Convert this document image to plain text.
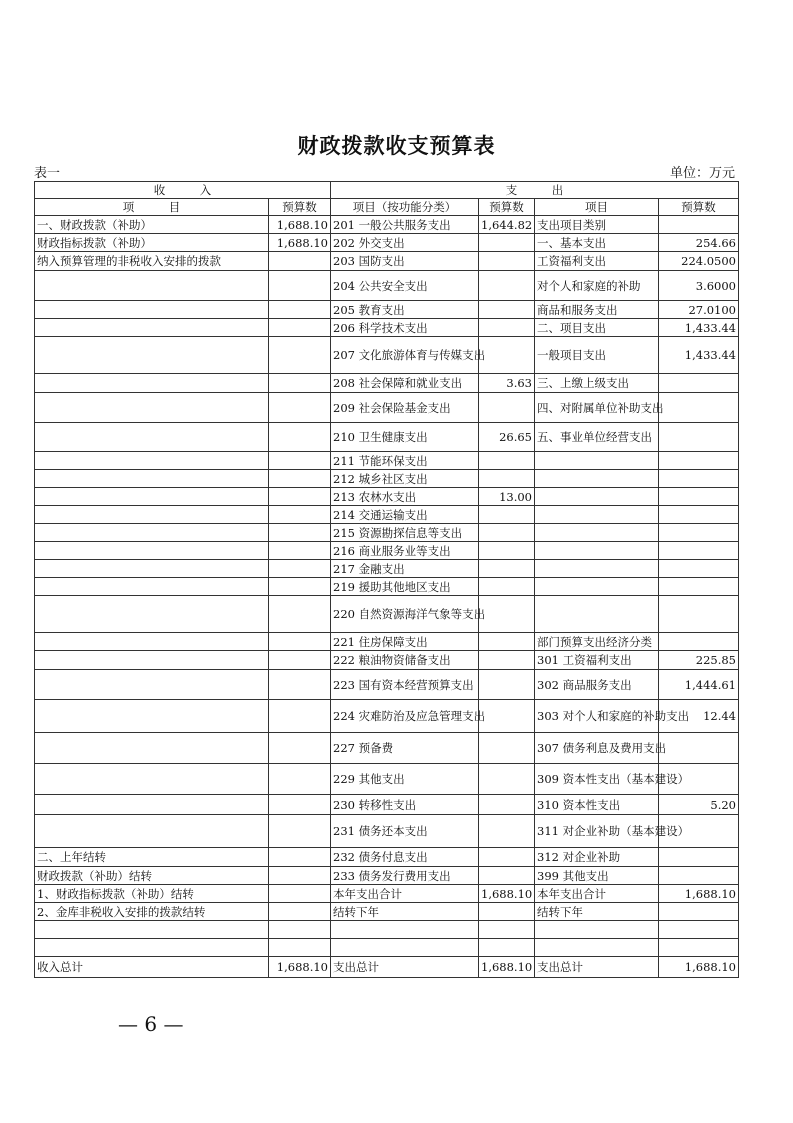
财政拨款收支预算表
表一	单位：万元
收　　　入		支　　　出			
项　　　目	预算数	项目（按功能分类）	预算数	项目	预算数
一、财政拨款（补助）	1,688.10	201 一般公共服务支出	1,644.82	支出项目类别	
财政指标拨款（补助）	1,688.10	202 外交支出		一、基本支出	254.66
纳入预算管理的非税收入安排的拨款		203 国防支出		工资福利支出	224.0500
		204 公共安全支出		对个人和家庭的补助	3.6000
		205 教育支出		商品和服务支出	27.0100
		206 科学技术支出		二、项目支出	1,433.44
		207 文化旅游体育与传媒支出		一般项目支出	1,433.44
		208 社会保障和就业支出	3.63	三、上缴上级支出	
		209 社会保险基金支出		四、对附属单位补助支出	
		210 卫生健康支出	26.65	五、事业单位经营支出	
		211 节能环保支出			
		212 城乡社区支出			
		213 农林水支出	13.00		
		214 交通运输支出			
		215 资源勘探信息等支出			
		216 商业服务业等支出			
		217 金融支出			
		219 援助其他地区支出			
		220 自然资源海洋气象等支出			
		221 住房保障支出		部门预算支出经济分类	
		222 粮油物资储备支出		301 工资福利支出	225.85
		223 国有资本经营预算支出		302 商品服务支出	1,444.61
		224 灾难防治及应急管理支出		303 对个人和家庭的补助支出	12.44
		227 预备费		307 债务利息及费用支出	
		229 其他支出		309 资本性支出（基本建设）	
		230 转移性支出		310 资本性支出	5.20
		231 债务还本支出		311 对企业补助（基本建设）	
二、上年结转		232 债务付息支出		312 对企业补助	
财政拨款（补助）结转		233 债务发行费用支出		399 其他支出	
1、财政指标拨款（补助）结转		本年支出合计	1,688.10	本年支出合计	1,688.10
2、金库非税收入安排的拨款结转		结转下年		结转下年	

收入总计	1,688.10	支出总计	1,688.10	支出总计	1,688.10
— 6 —
